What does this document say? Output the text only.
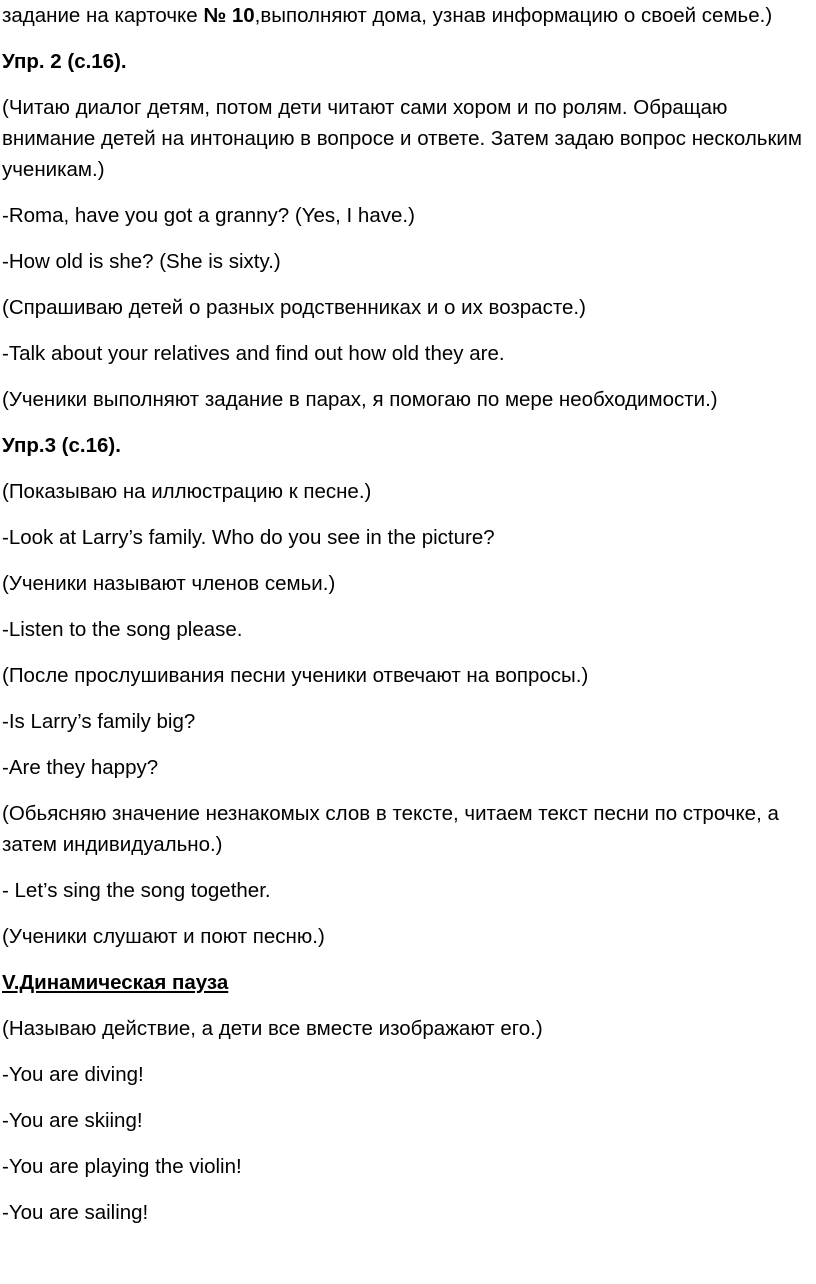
задание на карточке № 10,выполняют дома, узнав информацию о своей семье.)

Упр. 2 (с.16).

(Читаю диалог детям, потом дети читают сами хором и по ролям. Обращаю внимание детей на интонацию в вопросе и ответе. Затем задаю вопрос нескольким ученикам.)

-Roma, have you got a granny? (Yes, I have.)

-How old is she? (She is sixty.)

(Спрашиваю детей о разных родственниках и о их возрасте.)

-Talk about your relatives and find out how old they are.

(Ученики выполняют задание в парах, я помогаю по мере необходимости.)

Упр.3 (с.16).

(Показываю на иллюстрацию к песне.)

-Look at Larry’s family. Who do you see in the picture?

(Ученики называют членов семьи.)

-Listen to the song please.

(После прослушивания песни ученики отвечают на вопросы.)

-Is Larry’s family big?

-Are they happy?

(Обьясняю значение незнакомых слов в тексте, читаем текст песни по строчке, а затем индивидуально.)

- Let’s sing the song together.

(Ученики слушают и поют песню.)

V.Динамическая пауза

(Называю действие, а дети все вместе изображают его.)

-You are diving!

-You are skiing!

-You are playing the violin!

-You are sailing!
